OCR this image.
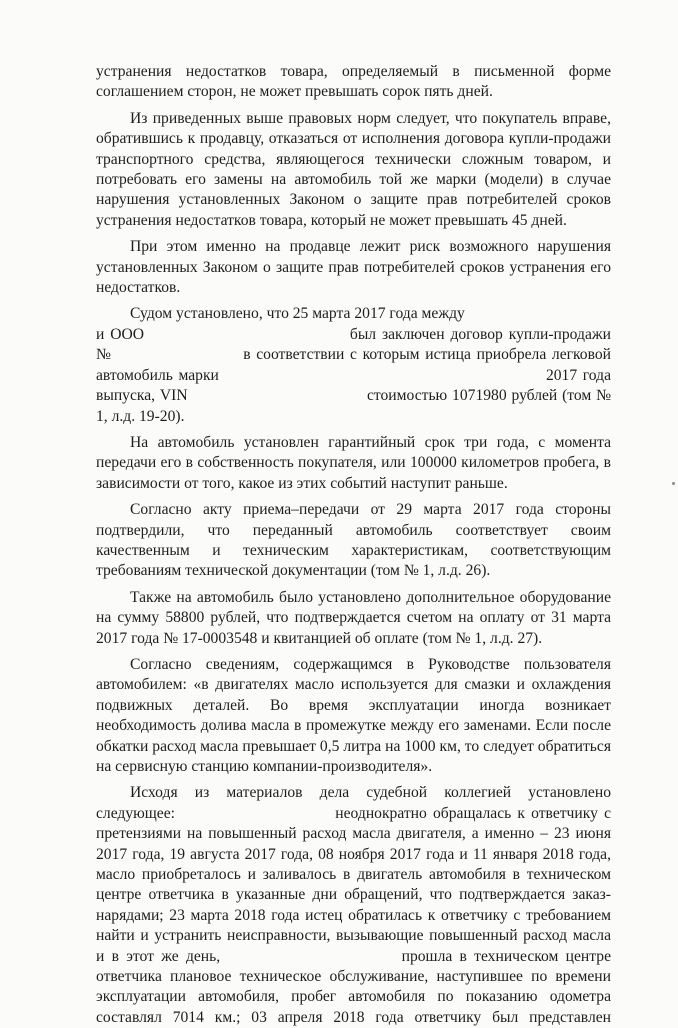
устранения недостатков товара, определяемый в письменной форме соглашением сторон, не может превышать сорок пять дней.

Из приведенных выше правовых норм следует, что покупатель вправе, обратившись к продавцу, отказаться от исполнения договора купли-продажи транспортного средства, являющегося технически сложным товаром, и потребовать его замены на автомобиль той же марки (модели) в случае нарушения установленных Законом о защите прав потребителей сроков устранения недостатков товара, который не может превышать 45 дней.

При этом именно на продавце лежит риск возможного нарушения установленных Законом о защите прав потребителей сроков устранения его недостатков.

Судом установлено, что 25 марта 2017 года между
и ООО                                   был заключен договор купли-продажи
№                       в соответствии с которым истица приобрела легковой
автомобиль марки                                                          2017 года
выпуска, VIN                                     стоимостью 1071980 рублей (том №
1, л.д. 19-20).

На автомобиль установлен гарантийный срок три года, с момента передачи его в собственность покупателя, или 100000 километров пробега, в зависимости от того, какое из этих событий наступит раньше.

Согласно акту приема–передачи от 29 марта 2017 года стороны подтвердили, что переданный автомобиль соответствует своим качественным и техническим характеристикам, соответствующим требованиям технической документации (том № 1, л.д. 26).

Также на автомобиль было установлено дополнительное оборудование на сумму 58800 рублей, что подтверждается счетом на оплату от 31 марта 2017 года № 17-0003548 и квитанцией об оплате (том № 1, л.д. 27).

Согласно сведениям, содержащимся в Руководстве пользователя автомобилем: «в двигателях масло используется для смазки и охлаждения подвижных деталей. Во время эксплуатации иногда возникает необходимость долива масла в промежутке между его заменами. Если после обкатки расход масла превышает 0,5 литра на 1000 км, то следует обратиться на сервисную станцию компании-производителя».

Исходя из материалов дела судебной коллегией установлено
следующее:                          неоднократно обращалась к ответчику с
претензиями на повышенный расход масла двигателя, а именно – 23 июня
2017 года, 19 августа 2017 года, 08 ноября 2017 года и 11 января 2018 года,
масло приобреталось и заливалось в двигатель автомобиля в техническом
центре ответчика в указанные дни обращений, что подтверждается заказ-
нарядами; 23 марта 2018 года истец обратилась к ответчику с требованием
найти и устранить неисправности, вызывающие повышенный расход масла
и в этот же день,                         прошла в техническом центре
ответчика плановое техническое обслуживание, наступившее по времени
эксплуатации автомобиля, пробег автомобиля по показанию одометра
составлял 7014 км.; 03 апреля 2018 года ответчику был представлен
